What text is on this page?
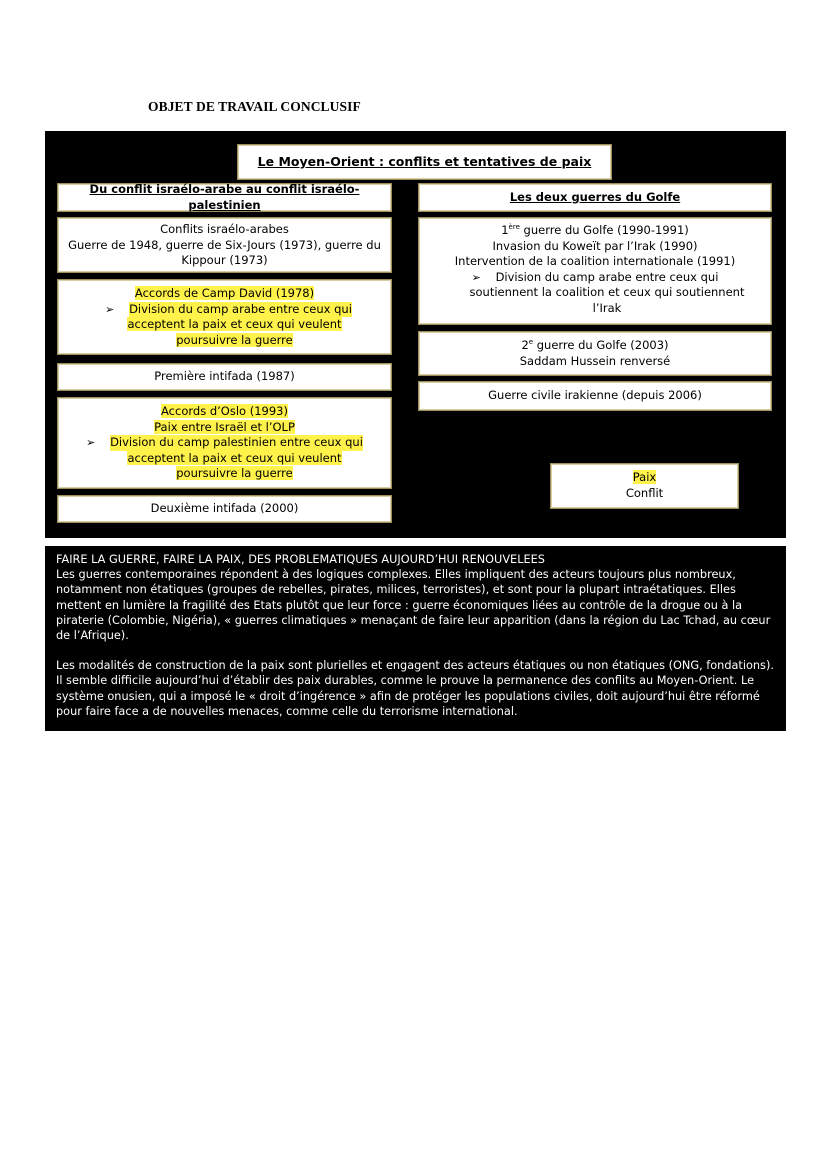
OBJET DE TRAVAIL CONCLUSIF
Le Moyen-Orient : conflits et tentatives de paix
Du conflit israélo-arabe au conflit israélo-palestinien
Conflits israélo-arabes
Guerre de 1948, guerre de Six-Jours (1973), guerre du
Kippour (1973)
Accords de Camp David (1978)
➢	Division du camp arabe entre ceux qui
acceptent la paix et ceux qui veulent
poursuivre la guerre
Première intifada (1987)
Accords d’Oslo (1993)
Paix entre Israël et l’OLP
➢	Division du camp palestinien entre ceux qui
acceptent la paix et ceux qui veulent
poursuivre la guerre
Deuxième intifada (2000)
Les deux guerres du Golfe
1ère guerre du Golfe (1990-1991)
Invasion du Koweït par l’Irak (1990)
Intervention de la coalition internationale (1991)
➢	Division du camp arabe entre ceux qui
soutiennent la coalition et ceux qui soutiennent
l’Irak
2e guerre du Golfe (2003)
Saddam Hussein renversé
Guerre civile irakienne (depuis 2006)
Paix
Conflit

FAIRE LA GUERRE, FAIRE LA PAIX, DES PROBLEMATIQUES AUJOURD’HUI RENOUVELEES

Les guerres contemporaines répondent à des logiques complexes. Elles impliquent des acteurs toujours plus nombreux,

notamment non étatiques (groupes de rebelles, pirates, milices, terroristes), et sont pour la plupart intraétatiques. Elles

mettent en lumière la fragilité des Etats plutôt que leur force : guerre économiques liées au contrôle de la drogue ou à la

piraterie (Colombie, Nigéria), « guerres climatiques » menaçant de faire leur apparition (dans la région du Lac Tchad, au cœur

de l’Afrique).

Les modalités de construction de la paix sont plurielles et engagent des acteurs étatiques ou non étatiques (ONG, fondations).

Il semble difficile aujourd’hui d’établir des paix durables, comme le prouve la permanence des conflits au Moyen-Orient. Le

système onusien, qui a imposé le « droit d’ingérence » afin de protéger les populations civiles, doit aujourd’hui être réformé

pour faire face a de nouvelles menaces, comme celle du terrorisme international.
